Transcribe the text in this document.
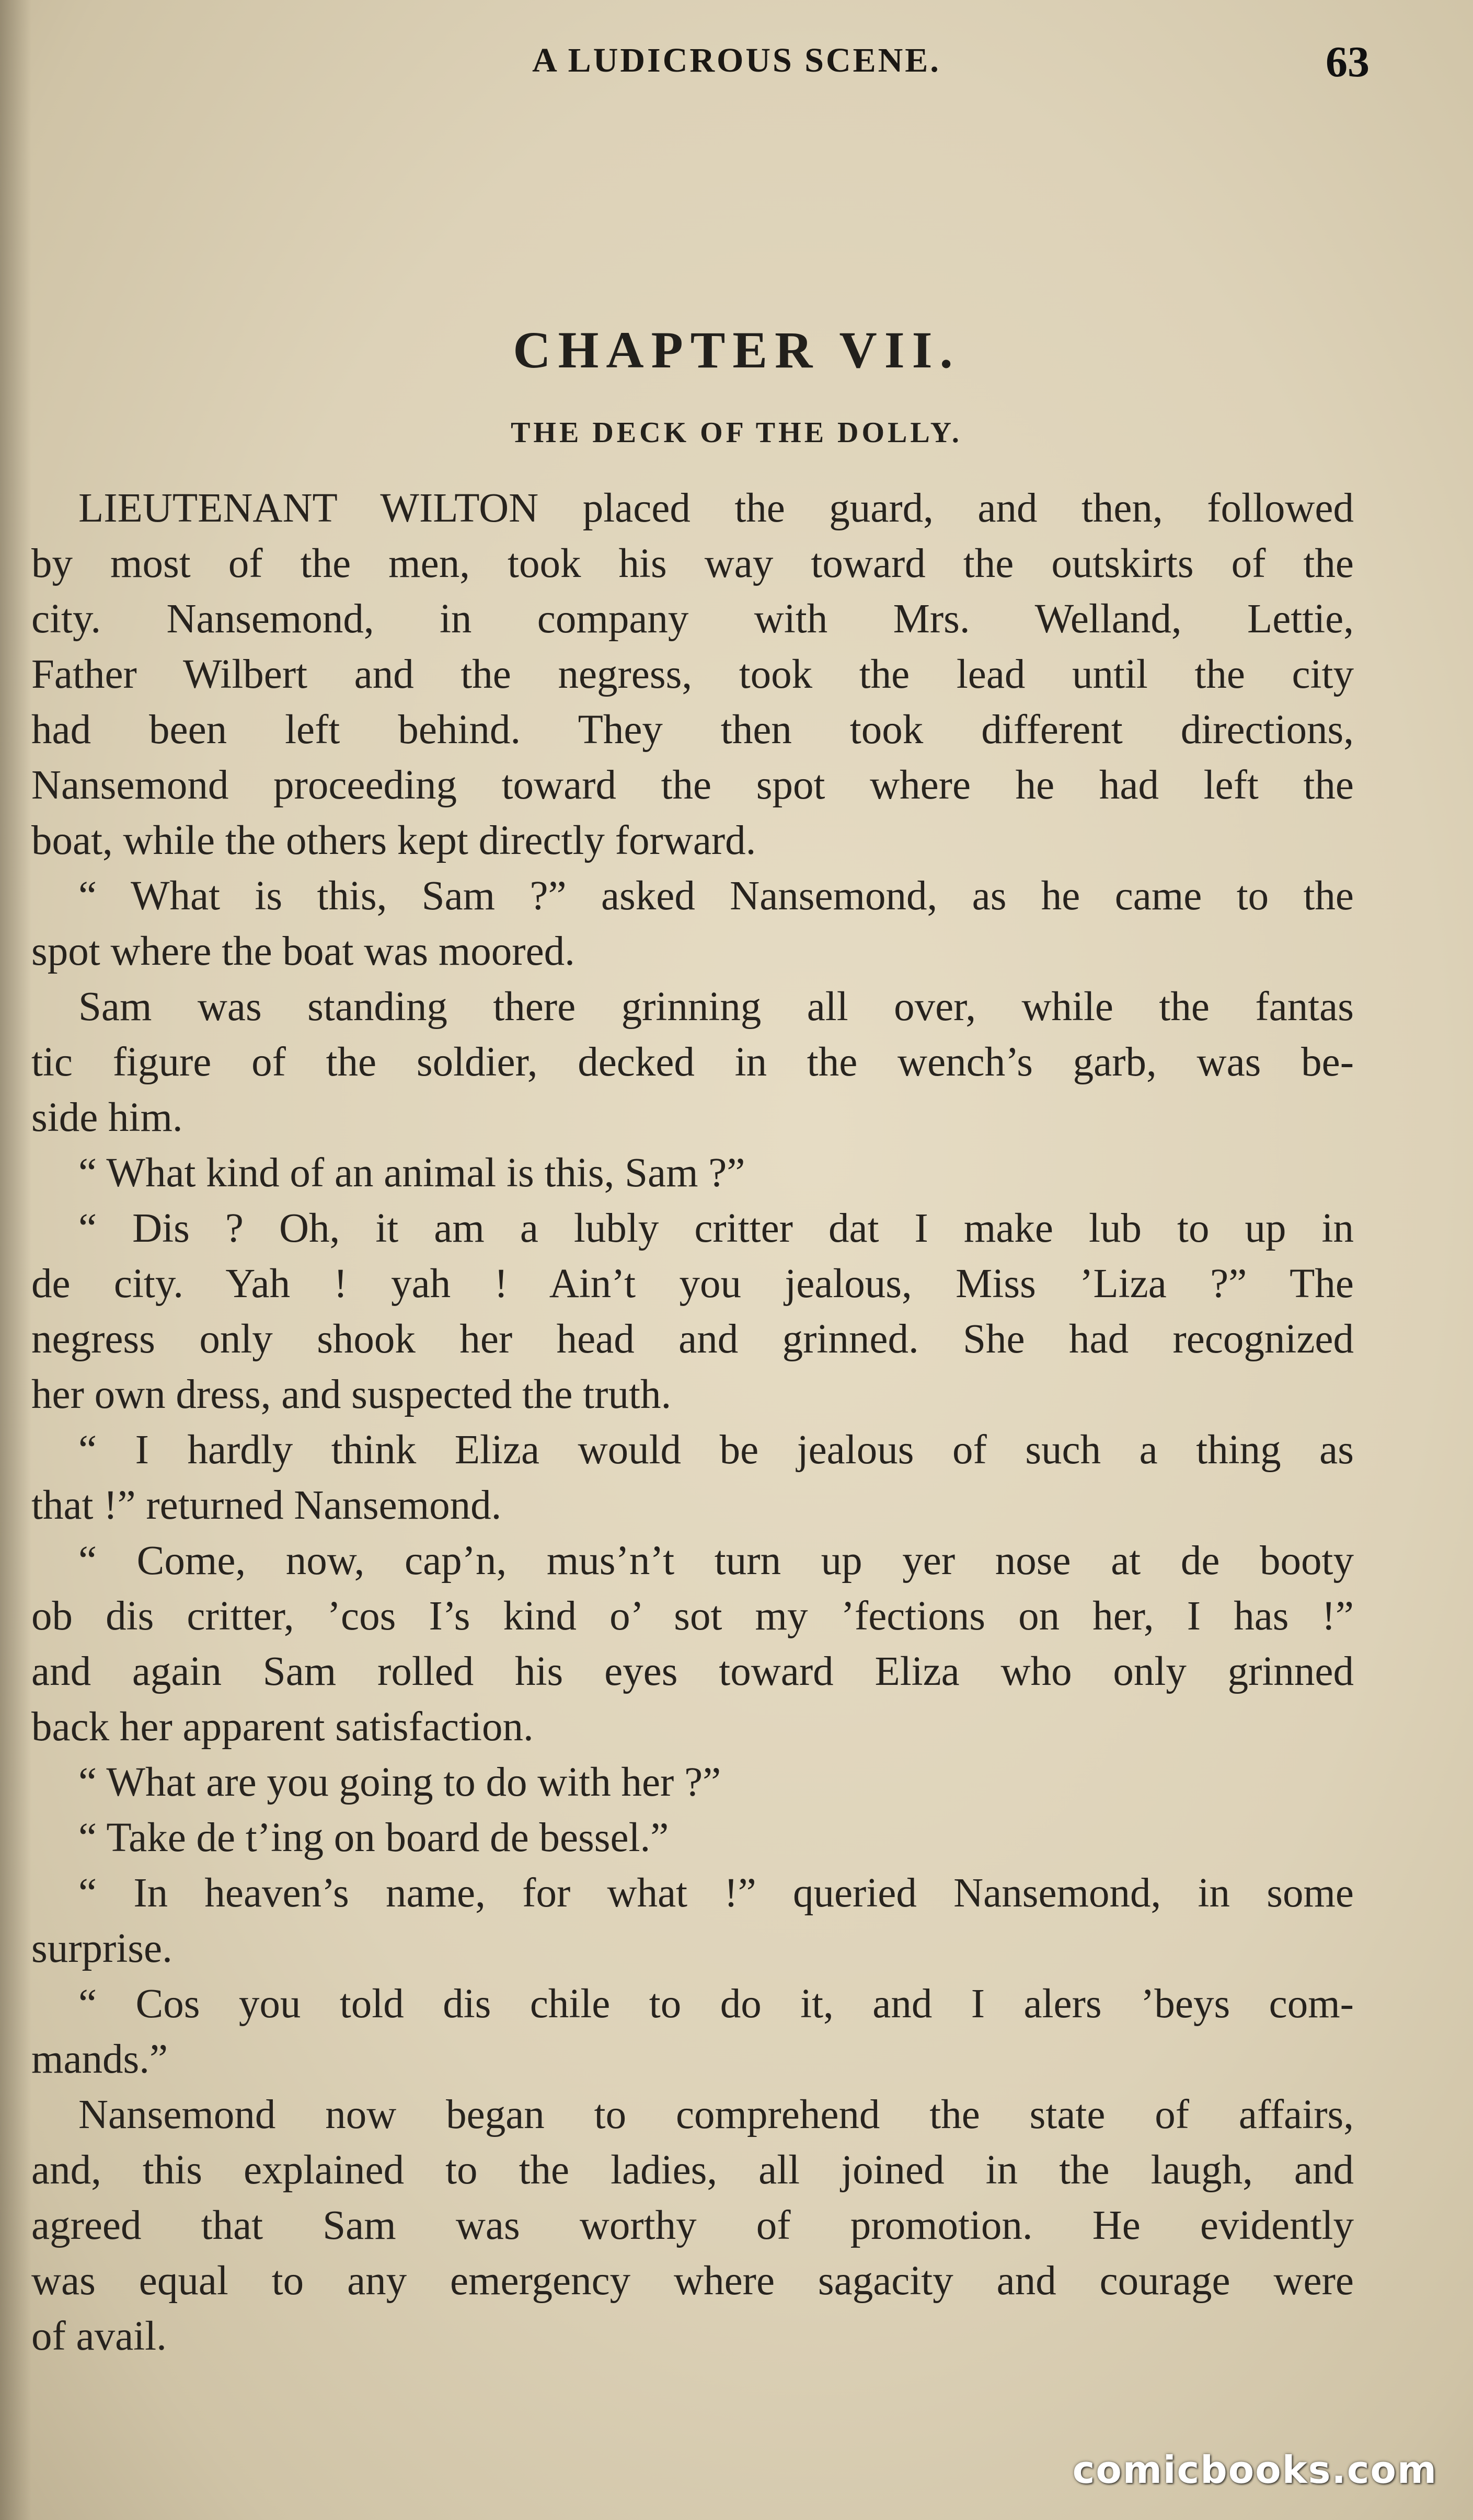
A LUDICROUS SCENE.	63
CHAPTER VII.
THE DECK OF THE DOLLY.
LIEUTENANT WILTON placed the guard, and then, followed
by most of the men, took his way toward the outskirts of the
city. Nansemond, in company with Mrs. Welland, Lettie,
Father Wilbert and the negress, took the lead until the city
had been left behind. They then took different directions,
Nansemond proceeding toward the spot where he had left the
boat, while the others kept directly forward.
“ What is this, Sam ?” asked Nansemond, as he came to the
spot where the boat was moored.
Sam was standing there grinning all over, while the fantas
tic figure of the soldier, decked in the wench’s garb, was be-
side him.
“ What kind of an animal is this, Sam ?”
“ Dis ? Oh, it am a lubly critter dat I make lub to up in
de city. Yah ! yah ! Ain’t you jealous, Miss ’Liza ?” The
negress only shook her head and grinned. She had recognized
her own dress, and suspected the truth.
“ I hardly think Eliza would be jealous of such a thing as
that !” returned Nansemond.
“ Come, now, cap’n, mus’n’t turn up yer nose at de booty
ob dis critter, ’cos I’s kind o’ sot my ’fections on her, I has !”
and again Sam rolled his eyes toward Eliza who only grinned
back her apparent satisfaction.
“ What are you going to do with her ?”
“ Take de t’ing on board de bessel.”
“ In heaven’s name, for what !” queried Nansemond, in some
surprise.
“ Cos you told dis chile to do it, and I alers ’beys com-
mands.”
Nansemond now began to comprehend the state of affairs,
and, this explained to the ladies, all joined in the laugh, and
agreed that Sam was worthy of promotion. He evidently
was equal to any emergency where sagacity and courage were
of avail.
comicbooks.com
